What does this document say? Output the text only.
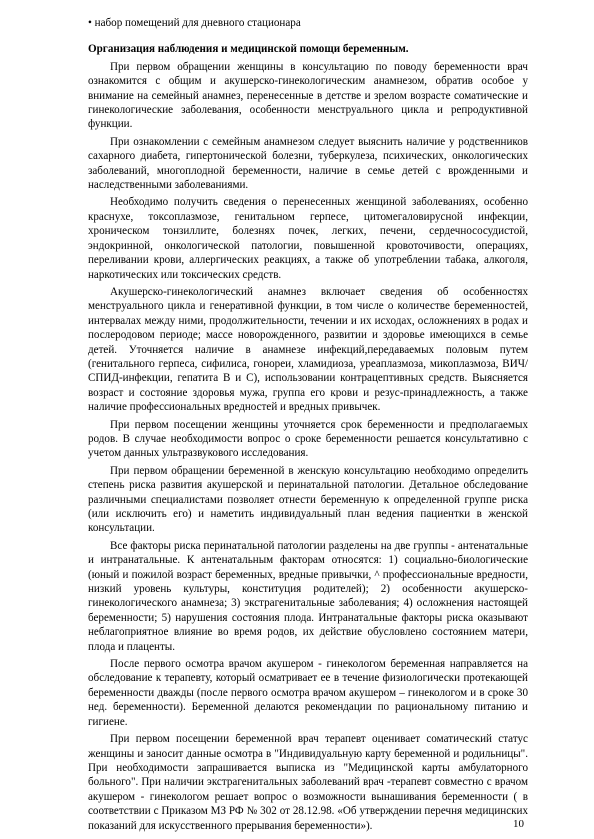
• набор помещений для дневного стационара

Организация наблюдения и медицинской помощи беременным.

При первом обращении женщины в консультацию по поводу беременности врач ознакомится с общим и акушерско-гинекологическим анамнезом, обратив особое у внимание на семейный анамнез, перенесенные в детстве и зрелом возрасте соматические и гинекологические заболевания, особенности менструального цикла и репродуктивной функции.

При ознакомлении с семейным анамнезом следует выяснить наличие у родственников сахарного диабета, гипертонической болезни, туберкулеза, психических, онкологических заболеваний, многоплодной беременности, наличие в семье детей с врожденными и наследственными заболеваниями.

Необходимо получить сведения о перенесенных женщиной заболеваниях, особенно краснухе, токсоплазмозе, генитальном герпесе, цитомегаловирусной инфекции, хроническом тонзиллите, болезнях почек, легких, печени, сердечнососудистой, эндокринной, онкологической патологии, повышенной кровоточивости, операциях, переливании крови, аллергических реакциях, а также об употреблении табака, алкоголя, наркотических или токсических средств.

Акушерско-гинекологический анамнез включает сведения об особенностях менструального цикла и генеративной функции, в том числе о количестве беременностей, интервалах между ними, продолжительности, течении и их исходах, осложнениях в родах и послеродовом периоде; массе новорожденного, развитии и здоровье имеющихся в семье детей. Уточняется наличие в анамнезе инфекций,передаваемых половым путем (генитального герпеса, сифилиса, гонореи, хламидиоза, уреаплазмоза, микоплазмоза, ВИЧ/СПИД-инфекции, гепатита В и С), использовании контрацептивных средств. Выясняется возраст и состояние здоровья мужа, группа его крови и резус-принадлежность, а также наличие профессиональных вредностей и вредных привычек.

При первом посещении женщины уточняется срок беременности и предполагаемых родов. В случае необходимости вопрос о сроке беременности решается консультативно с учетом данных ультразвукового исследования.

При первом обращении беременной в женскую консультацию необходимо определить степень риска развития акушерской и перинатальной патологии. Детальное обследование различными специалистами позволяет отнести беременную к определенной группе риска (или исключить его) и наметить индивидуальный план ведения пациентки в женской консультации.

Все факторы риска перинатальной патологии разделены на две группы - антенатальные и интранатальные. К антенатальным факторам относятся: 1) социально-биологические (юный и пожилой возраст беременных, вредные привычки, ^ профессиональные вредности, низкий уровень культуры, конституция родителей); 2) особенности акушерско-гинекологического анамнеза; 3) экстрагенитальные заболевания; 4) осложнения настоящей беременности; 5) нарушения состояния плода. Интранатальные факторы риска оказывают неблагоприятное влияние во время родов, их действие обусловлено состоянием матери, плода и плаценты.

После первого осмотра врачом акушером - гинекологом беременная направляется на обследование к терапевту, который осматривает ее в течение физиологически протекающей беременности дважды (после первого осмотра врачом акушером – гинекологом и в сроке 30 нед. беременности). Беременной делаются рекомендации по рациональному питанию и гигиене.

При первом посещении беременной врач терапевт оценивает соматический статус женщины и заносит данные осмотра в "Индивидуальную карту беременной и родильницы". При необходимости запрашивается выписка из "Медицинской карты амбулаторного больного". При наличии экстрагенитальных заболеваний врач -терапевт совместно с врачом акушером - гинекологом решает вопрос о возможности вынашивания беременности ( в соответствии с Приказом МЗ РФ № 302 от 28.12.98. «Об утверждении перечня медицинских показаний для искусственного прерывания беременности»).	10
